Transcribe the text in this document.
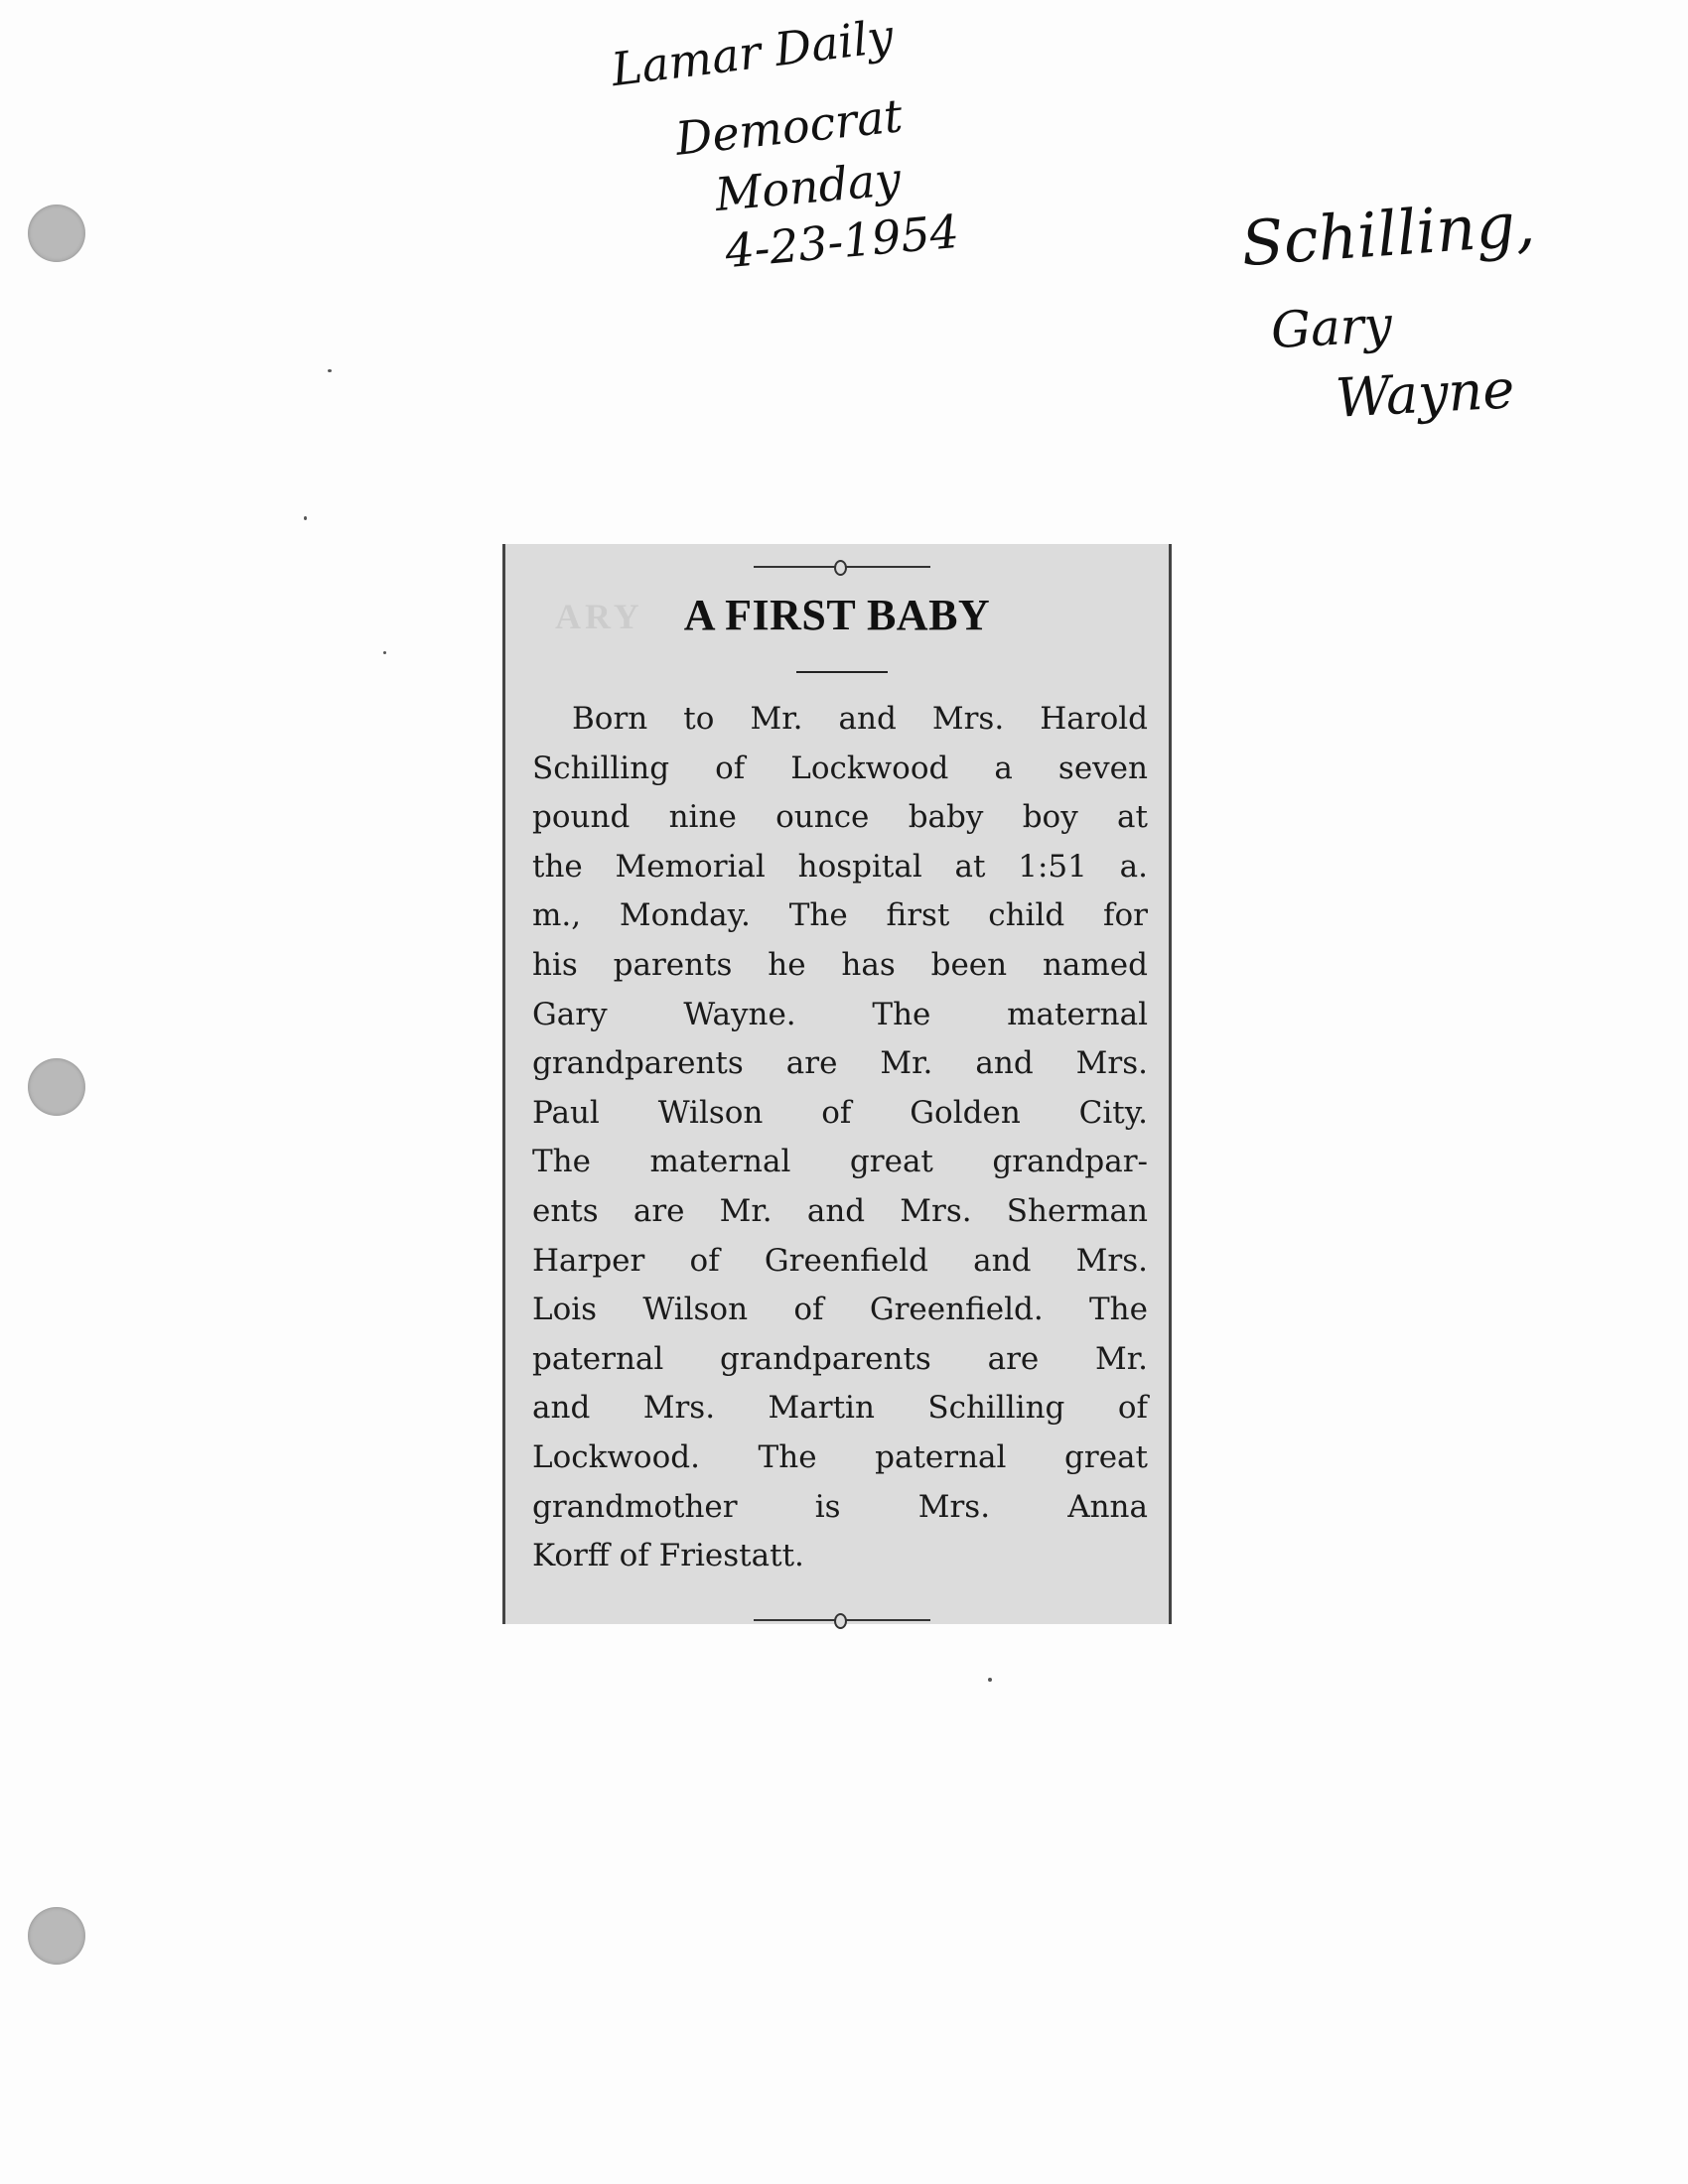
Lamar Daily
Democrat
Monday
4-23-1954	Schilling,
Gary
Wayne
ARY A FIRST BABY
Born to Mr. and Mrs. Harold
Schilling of Lockwood a seven
pound nine ounce baby boy at
the Memorial hospital at 1:51 a.
m., Monday. The first child for
his parents he has been named
Gary Wayne. The maternal
grandparents are Mr. and Mrs.
Paul Wilson of Golden City.
The maternal great grandpar-
ents are Mr. and Mrs. Sherman
Harper of Greenfield and Mrs.
Lois Wilson of Greenfield. The
paternal grandparents are Mr.
and Mrs. Martin Schilling of
Lockwood. The paternal great
grandmother is Mrs. Anna
Korff of Friestatt.
